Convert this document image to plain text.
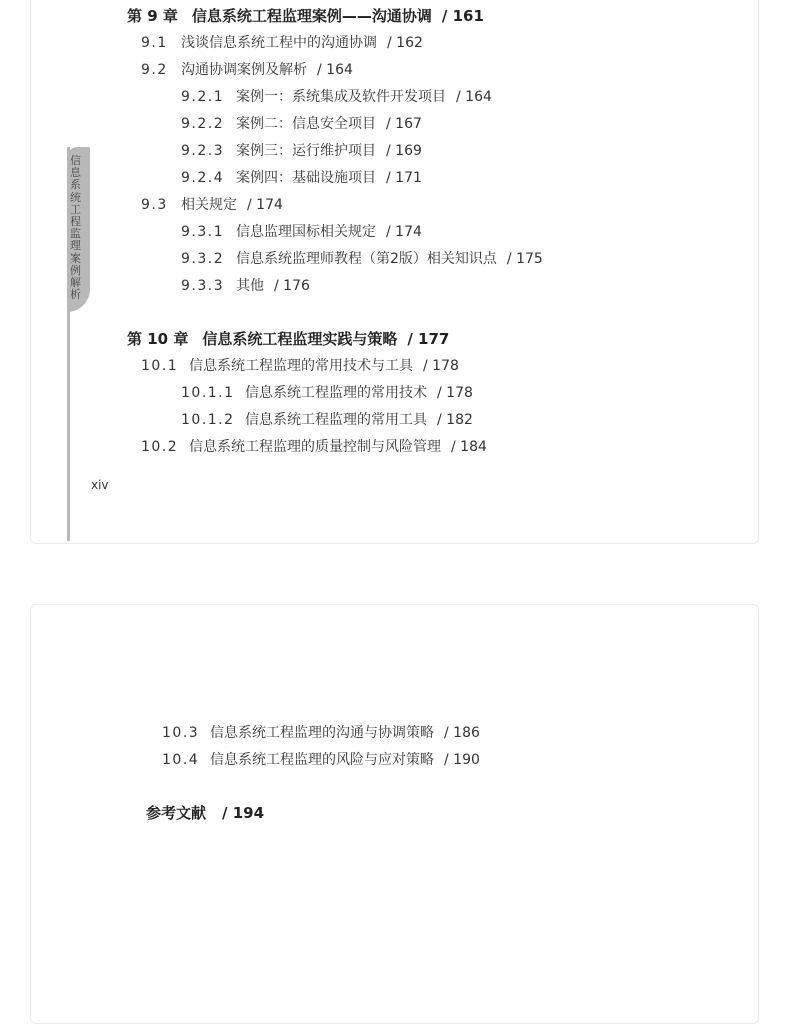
信息系统工程监理案例解析
第 9 章 信息系统工程监理案例——沟通协调 / 161
9.1 浅谈信息系统工程中的沟通协调 / 162
9.2 沟通协调案例及解析 / 164
9.2.1 案例一：系统集成及软件开发项目 / 164
9.2.2 案例二：信息安全项目 / 167
9.2.3 案例三：运行维护项目 / 169
9.2.4 案例四：基础设施项目 / 171
9.3 相关规定 / 174
9.3.1 信息监理国标相关规定 / 174
9.3.2 信息系统监理师教程（第2版）相关知识点 / 175
9.3.3 其他 / 176
第 10 章 信息系统工程监理实践与策略 / 177
10.1 信息系统工程监理的常用技术与工具 / 178
10.1.1 信息系统工程监理的常用技术 / 178
10.1.2 信息系统工程监理的常用工具 / 182
10.2 信息系统工程监理的质量控制与风险管理 / 184
xiv
10.3 信息系统工程监理的沟通与协调策略 / 186
10.4 信息系统工程监理的风险与应对策略 / 190
参考文献 / 194
